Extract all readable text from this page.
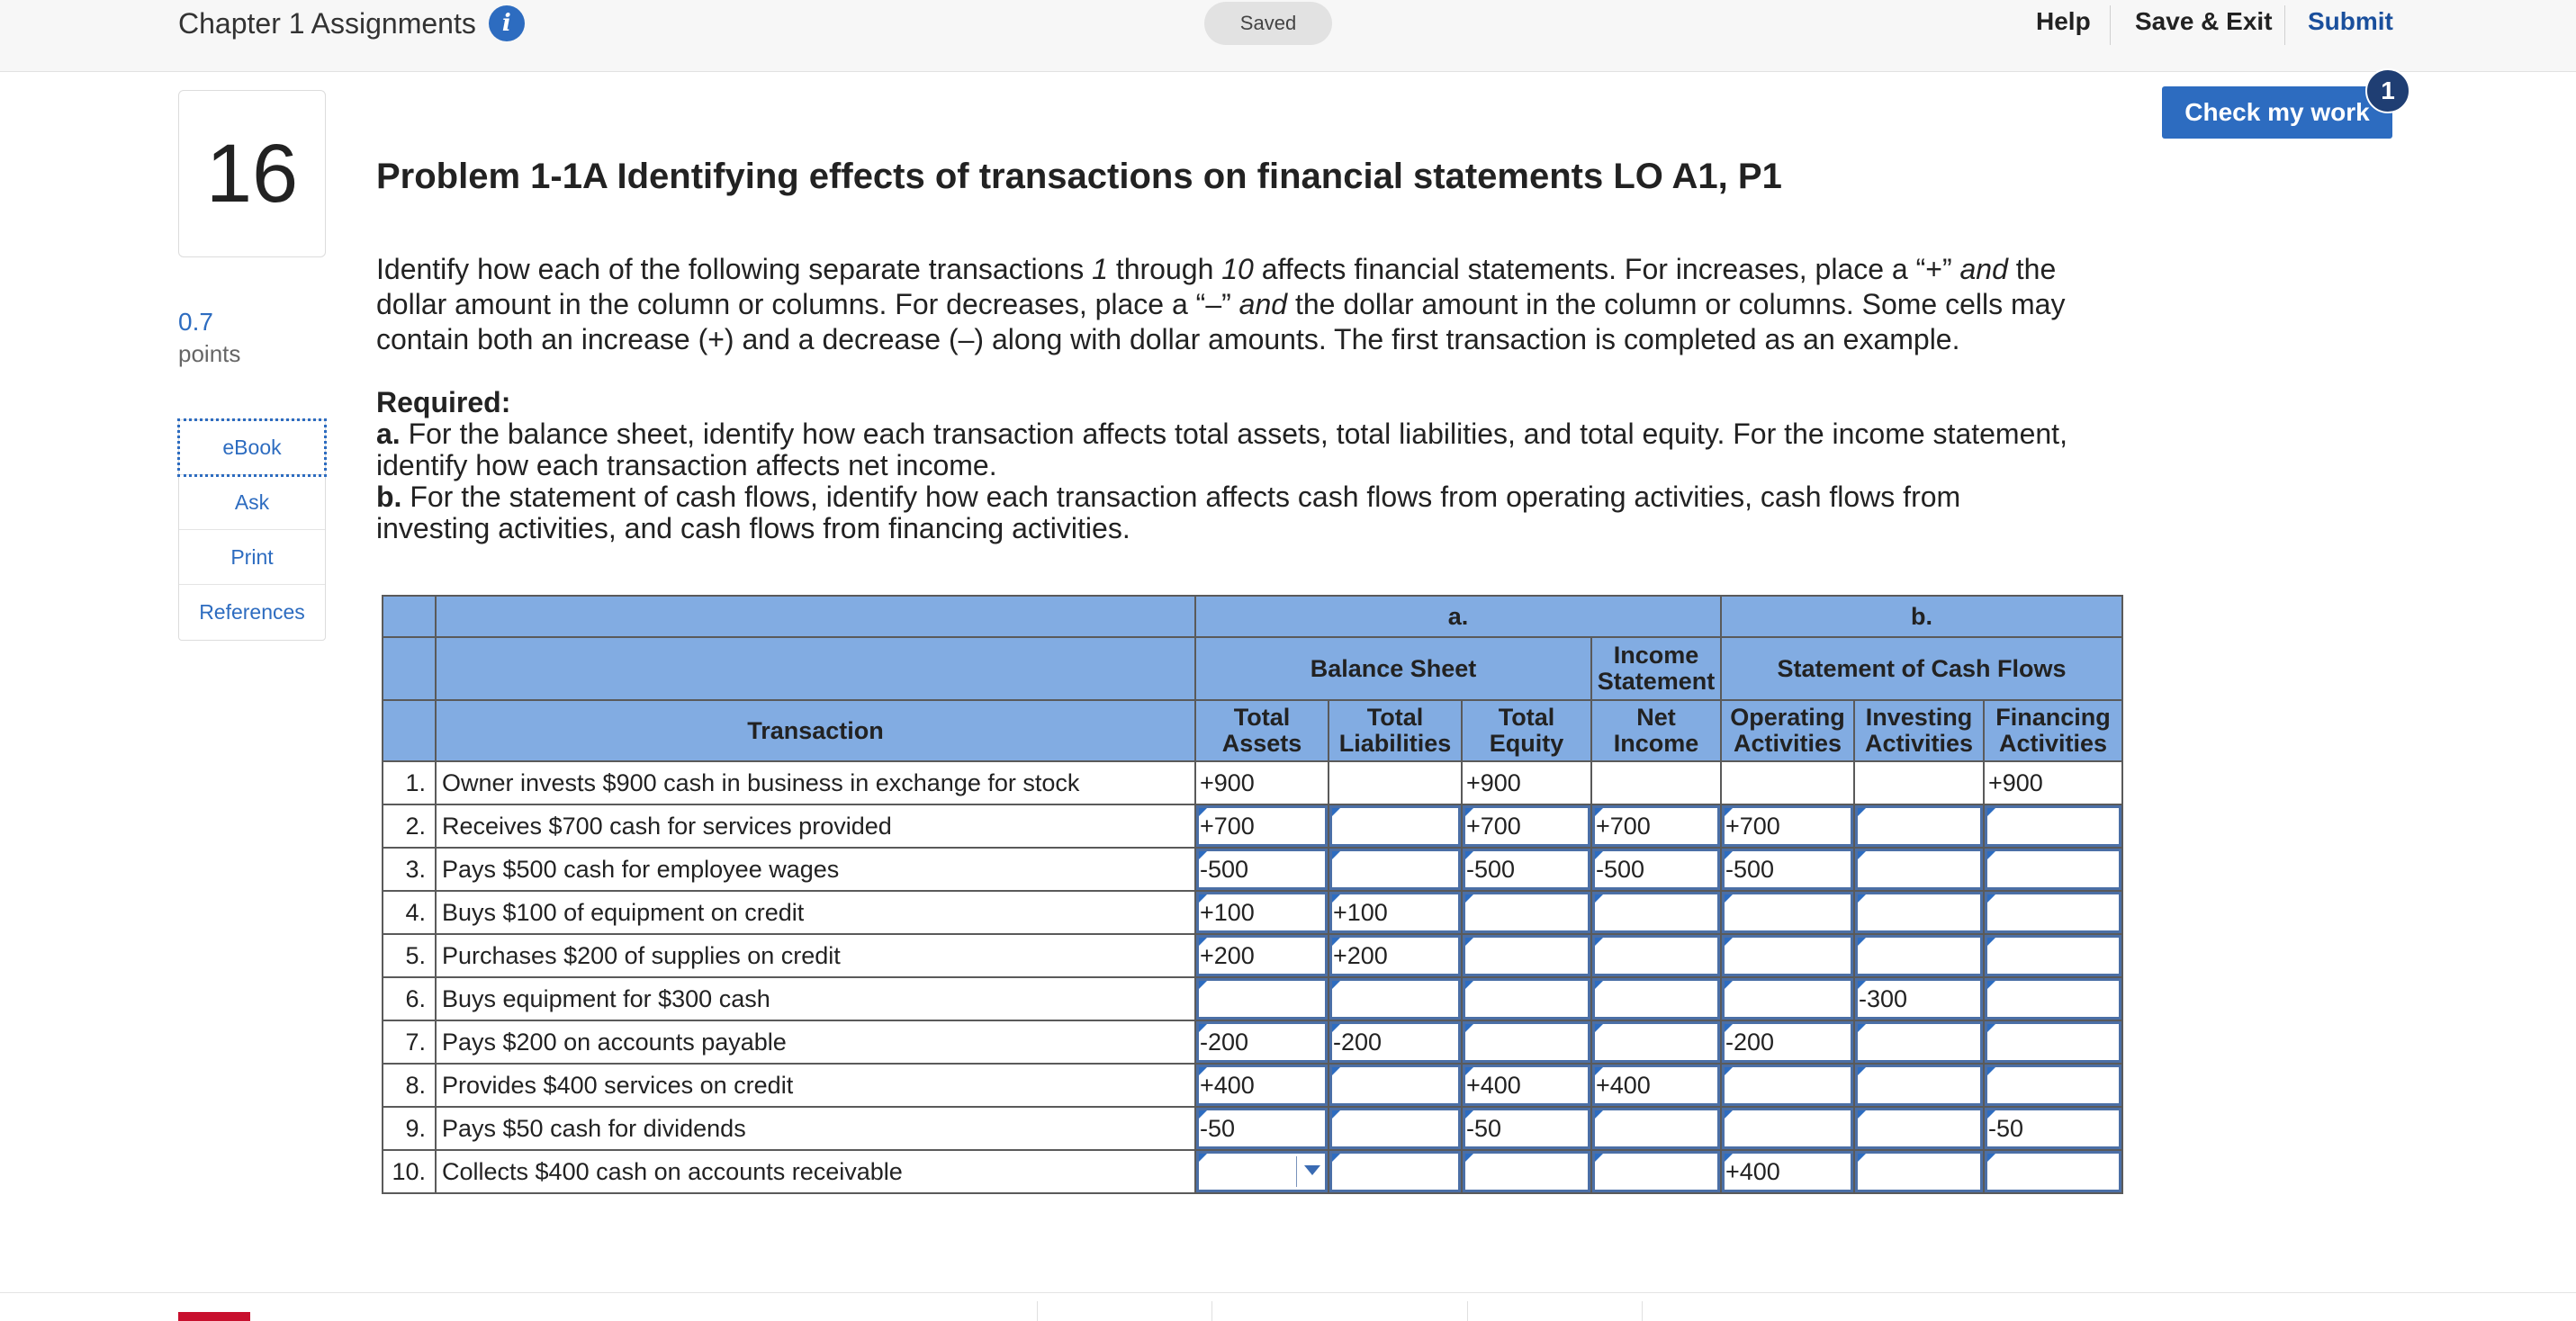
Chapter 1 Assignments	i	Saved	Help Save & Exit Submit
Check my work
1
16
0.7
points
eBook
Ask
Print
References
Problem 1-1A Identifying effects of transactions on financial statements LO A1, P1
Identify how each of the following separate transactions 1 through 10 affects financial statements. For increases, place a “+” and the dollar amount in the column or columns. For decreases, place a “–” and the dollar amount in the column or columns. Some cells may contain both an increase (+) and a decrease (–) along with dollar amounts. The first transaction is completed as an example.
Required:
a. For the balance sheet, identify how each transaction affects total assets, total liabilities, and total equity. For the income statement, identify how each transaction affects net income.
b. For the statement of cash flows, identify how each transaction affects cash flows from operating activities, cash flows from investing activities, and cash flows from financing activities.
		a.				b.		
		Balance Sheet			Income Statement	Statement of Cash Flows		
	Transaction	Total Assets	Total Liabilities	Total Equity	Net Income	Operating Activities	Investing Activities	Financing Activities
1.	Owner invests $900 cash in business in exchange for stock	+900		+900				+900

2.	Receives $700 cash for services provided	+700		+700	+700	+700		

3.	Pays $500 cash for employee wages	-500		-500	-500	-500		

4.	Buys $100 of equipment on credit	+100	+100					

5.	Purchases $200 of supplies on credit	+200	+200					

6.	Buys equipment for $300 cash						-300	

7.	Pays $200 on accounts payable	-200	-200			-200		

8.	Provides $400 services on credit	+400		+400	+400			

9.	Pays $50 cash for dividends	-50		-50				-50

10.	Collects $400 cash on accounts receivable					+400		
